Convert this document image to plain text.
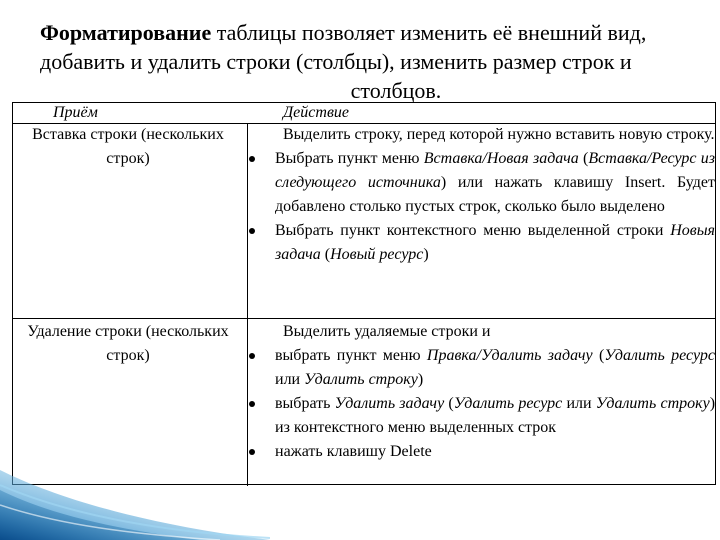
Форматирование таблицы позволяет изменить её внешний вид,
добавить и удалить строки (столбцы), изменить размер строк и
столбцов.

Приём	Действие
Вставка строки (нескольких строк)

Выделить строку, перед которой нужно вставить новую строку.

Выбрать пункт меню Вставка/Новая задача (Вставка/Ресурс из следующего источника) или нажать клавишу Insert. Будет добавлено столько пустых строк, сколько было выделено

Выбрать пункт контекстного меню выделенной строки Новыя задача (Новый ресурс)

Удаление строки (нескольких строк)

Выделить удаляемые строки и

выбрать пункт меню Правка/Удалить задачу (Удалить ресурс или Удалить строку)

выбрать Удалить задачу (Удалить ресурс или Удалить строку) из контекстного меню выделенных строк

нажать клавишу Delete
